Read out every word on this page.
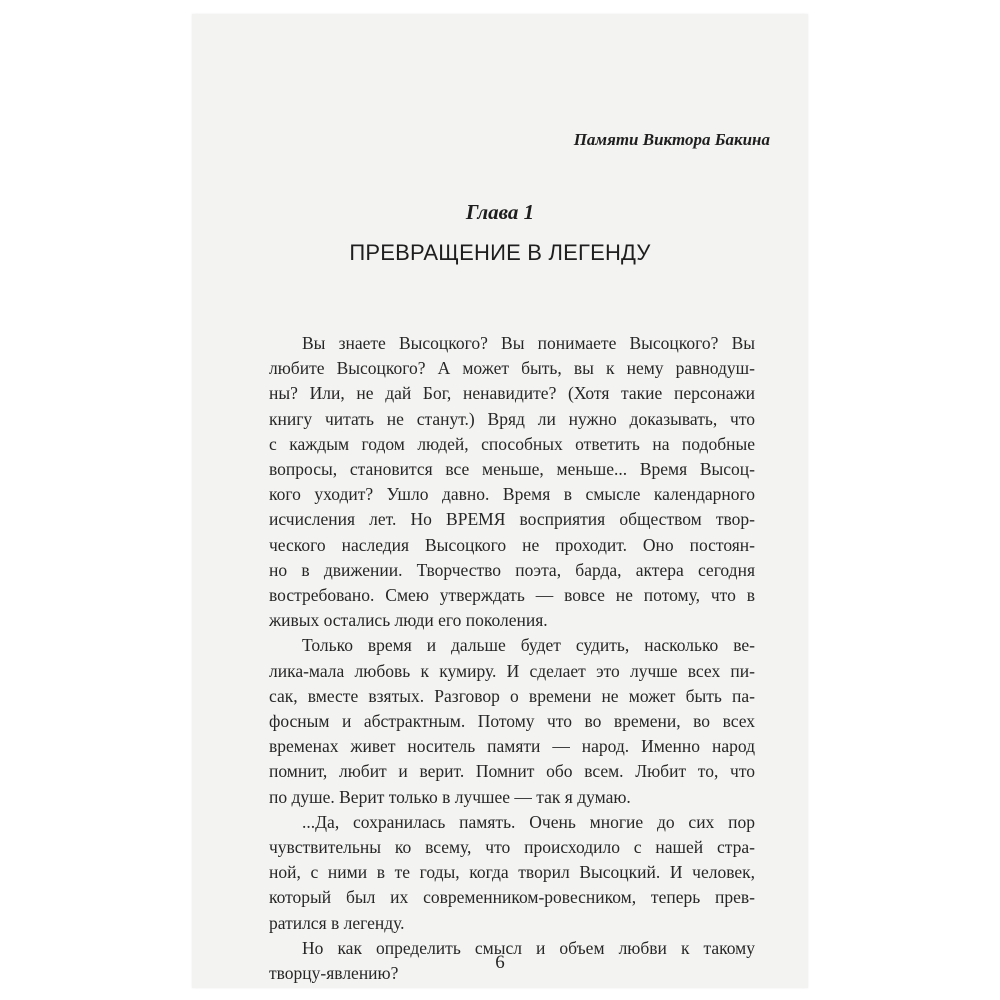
Памяти Виктора Бакина

Глава 1
ПРЕВРАЩЕНИЕ В ЛЕГЕНДУ

Вы знаете Высоцкого? Вы понимаете Высоцкого? Вы
любите Высоцкого? А может быть, вы к нему равнодуш-
ны? Или, не дай Бог, ненавидите? (Хотя такие персонажи
книгу читать не станут.) Вряд ли нужно доказывать, что
с каждым годом людей, способных ответить на подобные
вопросы, становится все меньше, меньше... Время Высоц-
кого уходит? Ушло давно. Время в смысле календарного
исчисления лет. Но ВРЕМЯ восприятия обществом твор-
ческого наследия Высоцкого не проходит. Оно постоян-
но в движении. Творчество поэта, барда, актера сегодня
востребовано. Смею утверждать — вовсе не потому, что в
живых остались люди его поколения.

Только время и дальше будет судить, насколько ве-
лика-мала любовь к кумиру. И сделает это лучше всех пи-
сак, вместе взятых. Разговор о времени не может быть па-
фосным и абстрактным. Потому что во времени, во всех
временах живет носитель памяти — народ. Именно народ
помнит, любит и верит. Помнит обо всем. Любит то, что
по душе. Верит только в лучшее — так я думаю.

...Да, сохранилась память. Очень многие до сих пор
чувствительны ко всему, что происходило с нашей стра-
ной, с ними в те годы, когда творил Высоцкий. И человек,
который был их современником-ровесником, теперь прев-
ратился в легенду.

Но как определить смысл и объем любви к такому
творцу-явлению?

6
